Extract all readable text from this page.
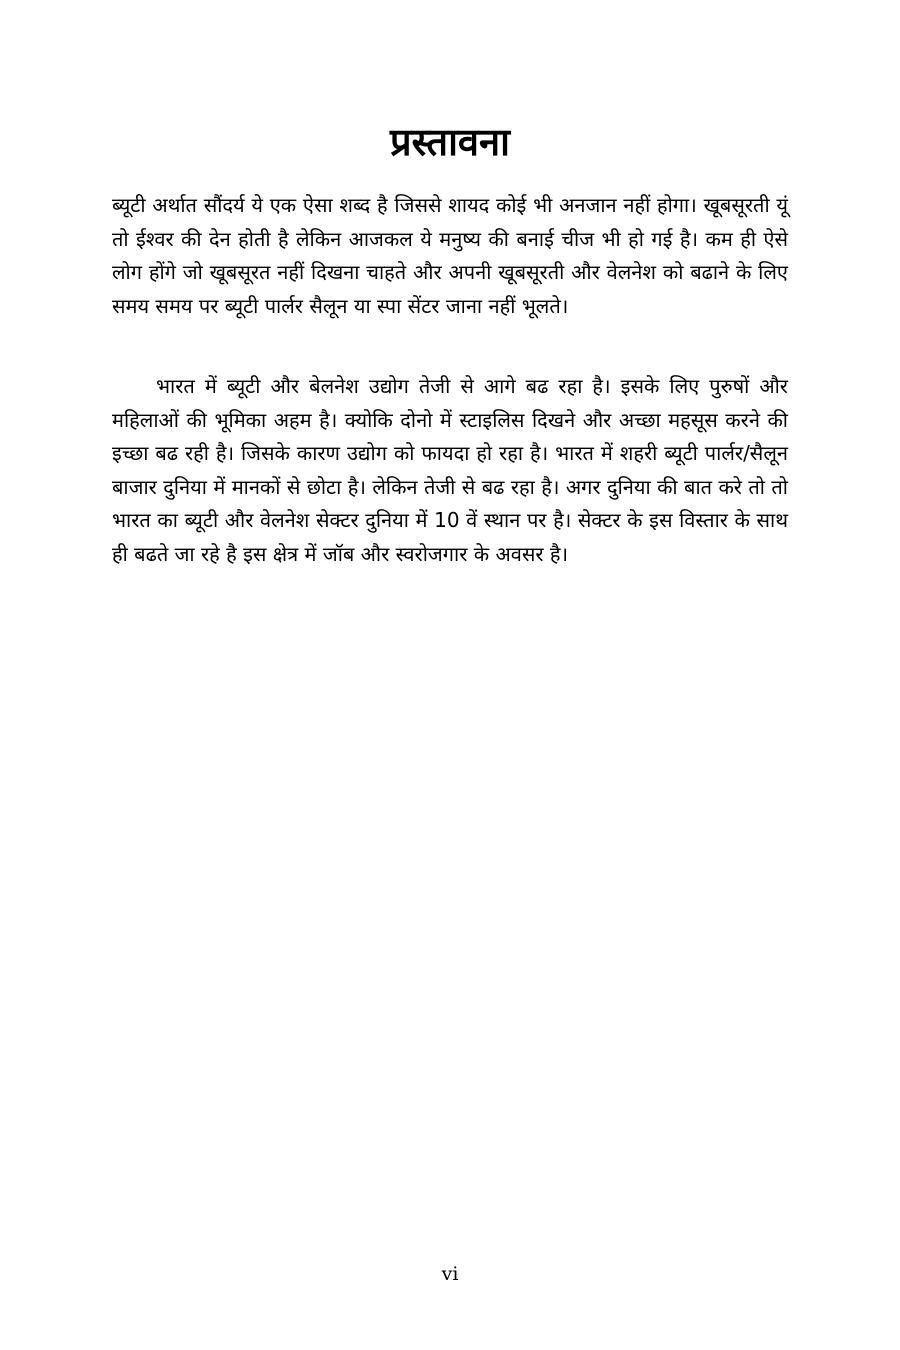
प्रस्तावना

ब्यूटी अर्थात सौंदर्य ये एक ऐसा शब्द है जिससे शायद कोई भी अनजान नहीं होगा। खूबसूरती यूं तो ईश्वर की देन होती है लेकिन आजकल ये मनुष्य की बनाई चीज भी हो गई है। कम ही ऐसे लोग होंगे जो खूबसूरत नहीं दिखना चाहते और अपनी खूबसूरती और वेलनेश को बढाने के लिए समय समय पर ब्यूटी पार्लर सैलून या स्पा सेंटर जाना नहीं भूलते।

भारत में ब्यूटी और बेलनेश उद्योग तेजी से आगे बढ रहा है। इसके लिए पुरुषों और महिलाओं की भूमिका अहम है। क्योकि दोनो में स्टाइलिस दिखने और अच्छा महसूस करने की इच्छा बढ रही है। जिसके कारण उद्योग को फायदा हो रहा है। भारत में शहरी ब्यूटी पार्लर/सैलून बाजार दुनिया में मानकों से छोटा है। लेकिन तेजी से बढ रहा है। अगर दुनिया की बात करे तो तो भारत का ब्यूटी और वेलनेश सेक्टर दुनिया में 10 वें स्थान पर है। सेक्टर के इस विस्तार के साथ ही बढते जा रहे है इस क्षेत्र में जॉब और स्वरोजगार के अवसर है।

vi
